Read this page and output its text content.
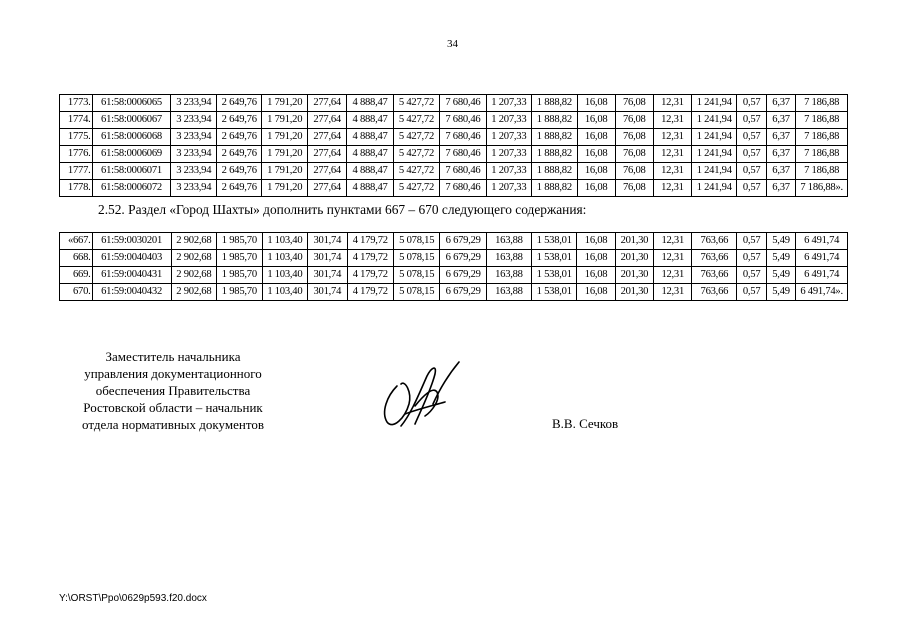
34
1773.	61:58:0006065	3 233,94	2 649,76	1 791,20	277,64	4 888,47	5 427,72	7 680,46	1 207,33	1 888,82	16,08	76,08	12,31	1 241,94	0,57	6,37	7 186,88
1774.	61:58:0006067	3 233,94	2 649,76	1 791,20	277,64	4 888,47	5 427,72	7 680,46	1 207,33	1 888,82	16,08	76,08	12,31	1 241,94	0,57	6,37	7 186,88
1775.	61:58:0006068	3 233,94	2 649,76	1 791,20	277,64	4 888,47	5 427,72	7 680,46	1 207,33	1 888,82	16,08	76,08	12,31	1 241,94	0,57	6,37	7 186,88
1776.	61:58:0006069	3 233,94	2 649,76	1 791,20	277,64	4 888,47	5 427,72	7 680,46	1 207,33	1 888,82	16,08	76,08	12,31	1 241,94	0,57	6,37	7 186,88
1777.	61:58:0006071	3 233,94	2 649,76	1 791,20	277,64	4 888,47	5 427,72	7 680,46	1 207,33	1 888,82	16,08	76,08	12,31	1 241,94	0,57	6,37	7 186,88
1778.	61:58:0006072	3 233,94	2 649,76	1 791,20	277,64	4 888,47	5 427,72	7 680,46	1 207,33	1 888,82	16,08	76,08	12,31	1 241,94	0,57	6,37	7 186,88».
2.52. Раздел «Город Шахты» дополнить пунктами 667 – 670 следующего содержания:
«667.	61:59:0030201	2 902,68	1 985,70	1 103,40	301,74	4 179,72	5 078,15	6 679,29	163,88	1 538,01	16,08	201,30	12,31	763,66	0,57	5,49	6 491,74
668.	61:59:0040403	2 902,68	1 985,70	1 103,40	301,74	4 179,72	5 078,15	6 679,29	163,88	1 538,01	16,08	201,30	12,31	763,66	0,57	5,49	6 491,74
669.	61:59:0040431	2 902,68	1 985,70	1 103,40	301,74	4 179,72	5 078,15	6 679,29	163,88	1 538,01	16,08	201,30	12,31	763,66	0,57	5,49	6 491,74
670.	61:59:0040432	2 902,68	1 985,70	1 103,40	301,74	4 179,72	5 078,15	6 679,29	163,88	1 538,01	16,08	201,30	12,31	763,66	0,57	5,49	6 491,74».
Заместитель начальника
управления документационного
обеспечения Правительства
Ростовской области – начальник
отдела нормативных документов	В.В. Сечков
Y:\ORST\Ppo\0629p593.f20.docx
